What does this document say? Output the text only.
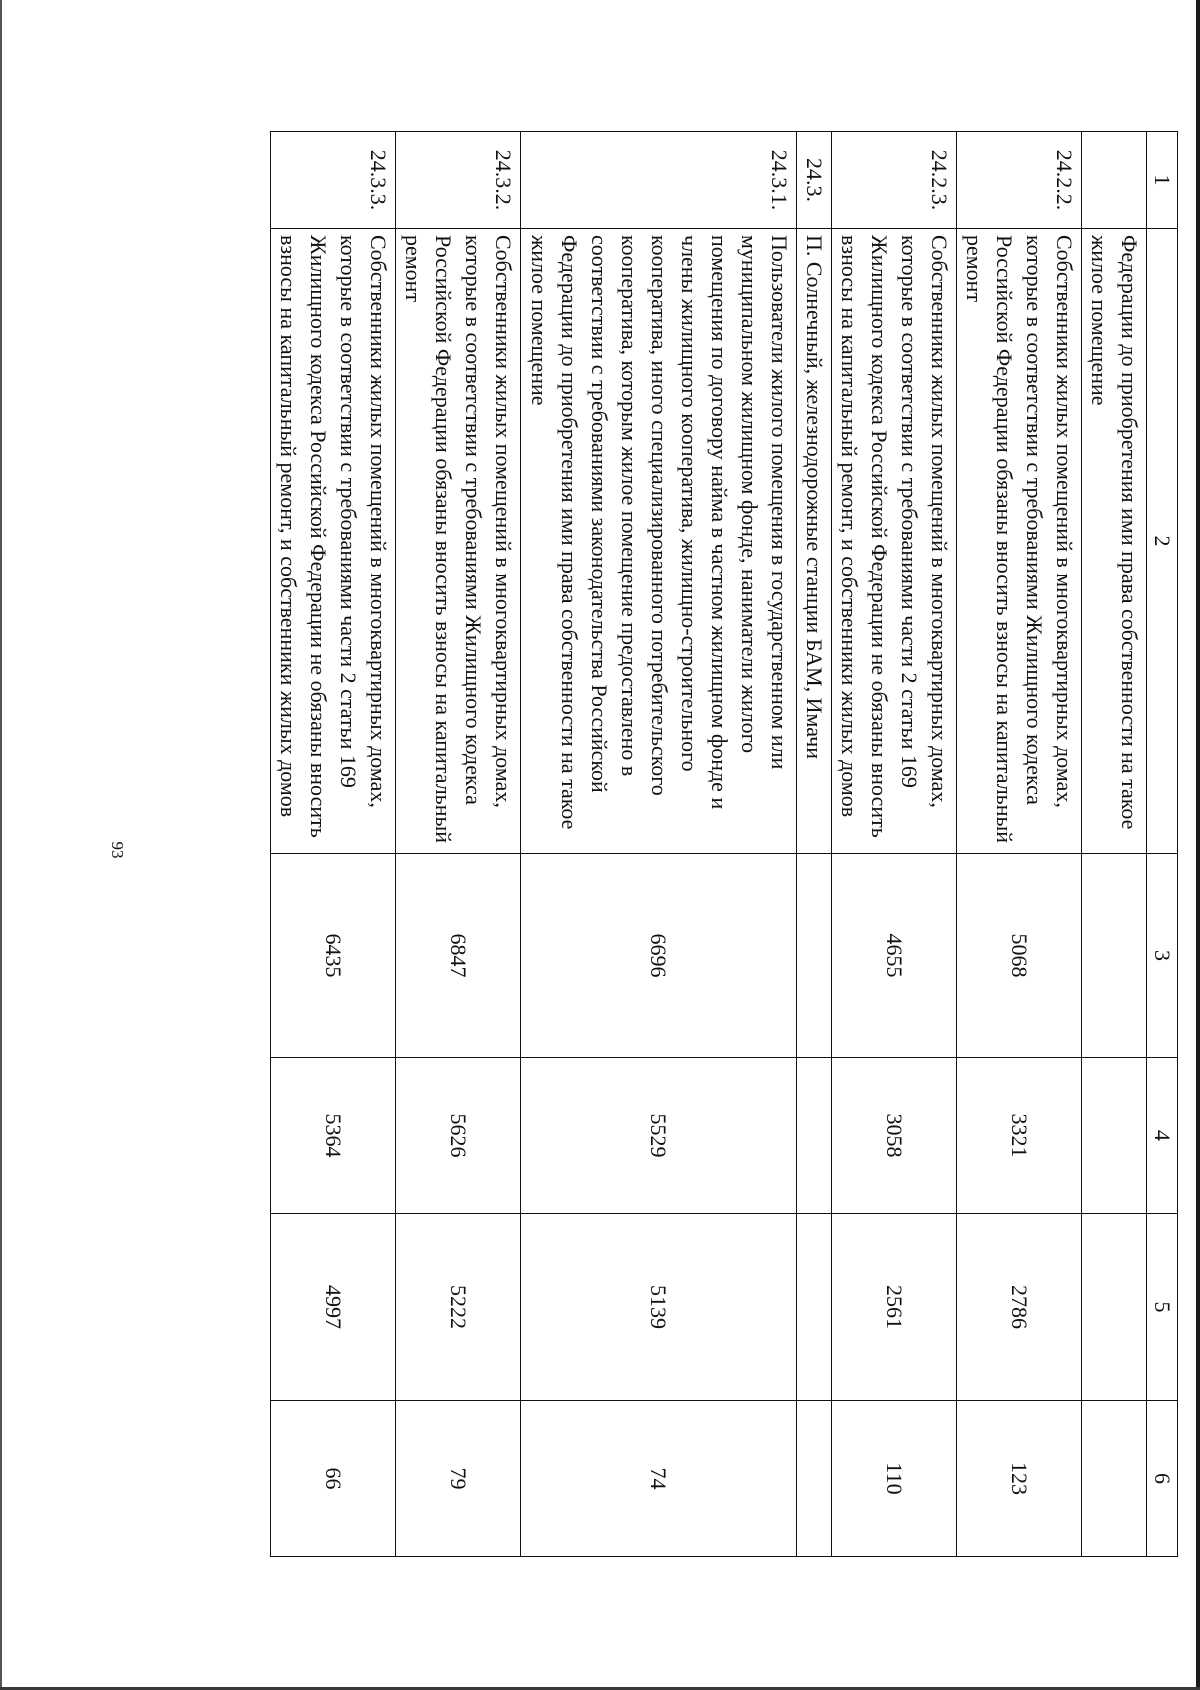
93
1	2	3	4	5	6
	Федерации до приобретения ими права собственности на такое жилое помещение				
24.2.2.	Собственники жилых помещений в многоквартирных домах, которые в соответствии с требованиями Жилищного кодекса Российской Федерации обязаны вносить взносы на капитальный ремонт	5068	3321	2786	123
24.2.3.	Собственники жилых помещений в многоквартирных домах, которые в соответствии с требованиями части 2 статьи 169 Жилищного кодекса Российской Федерации не обязаны вносить взносы на капитальный ремонт, и собственники жилых домов	4655	3058	2561	110
24.3.	П. Солнечный, железнодорожные станции БАМ, Имачи				
24.3.1.	Пользователи жилого помещения в государственном или муниципальном жилищном фонде, наниматели жилого помещения по договору найма в частном жилищном фонде и члены жилищного кооператива, жилищно-строительного кооператива, иного специализированного потребительского кооператива, которым жилое помещение предоставлено в соответствии с требованиями законодательства Российской Федерации до приобретения ими права собственности на такое жилое помещение	6696	5529	5139	74
24.3.2.	Собственники жилых помещений в многоквартирных домах, которые в соответствии с требованиями Жилищного кодекса Российской Федерации обязаны вносить взносы на капитальный ремонт	6847	5626	5222	79
24.3.3.	Собственники жилых помещений в многоквартирных домах, которые в соответствии с требованиями части 2 статьи 169 Жилищного кодекса Российской Федерации не обязаны вносить взносы на капитальный ремонт, и собственники жилых домов	6435	5364	4997	66
